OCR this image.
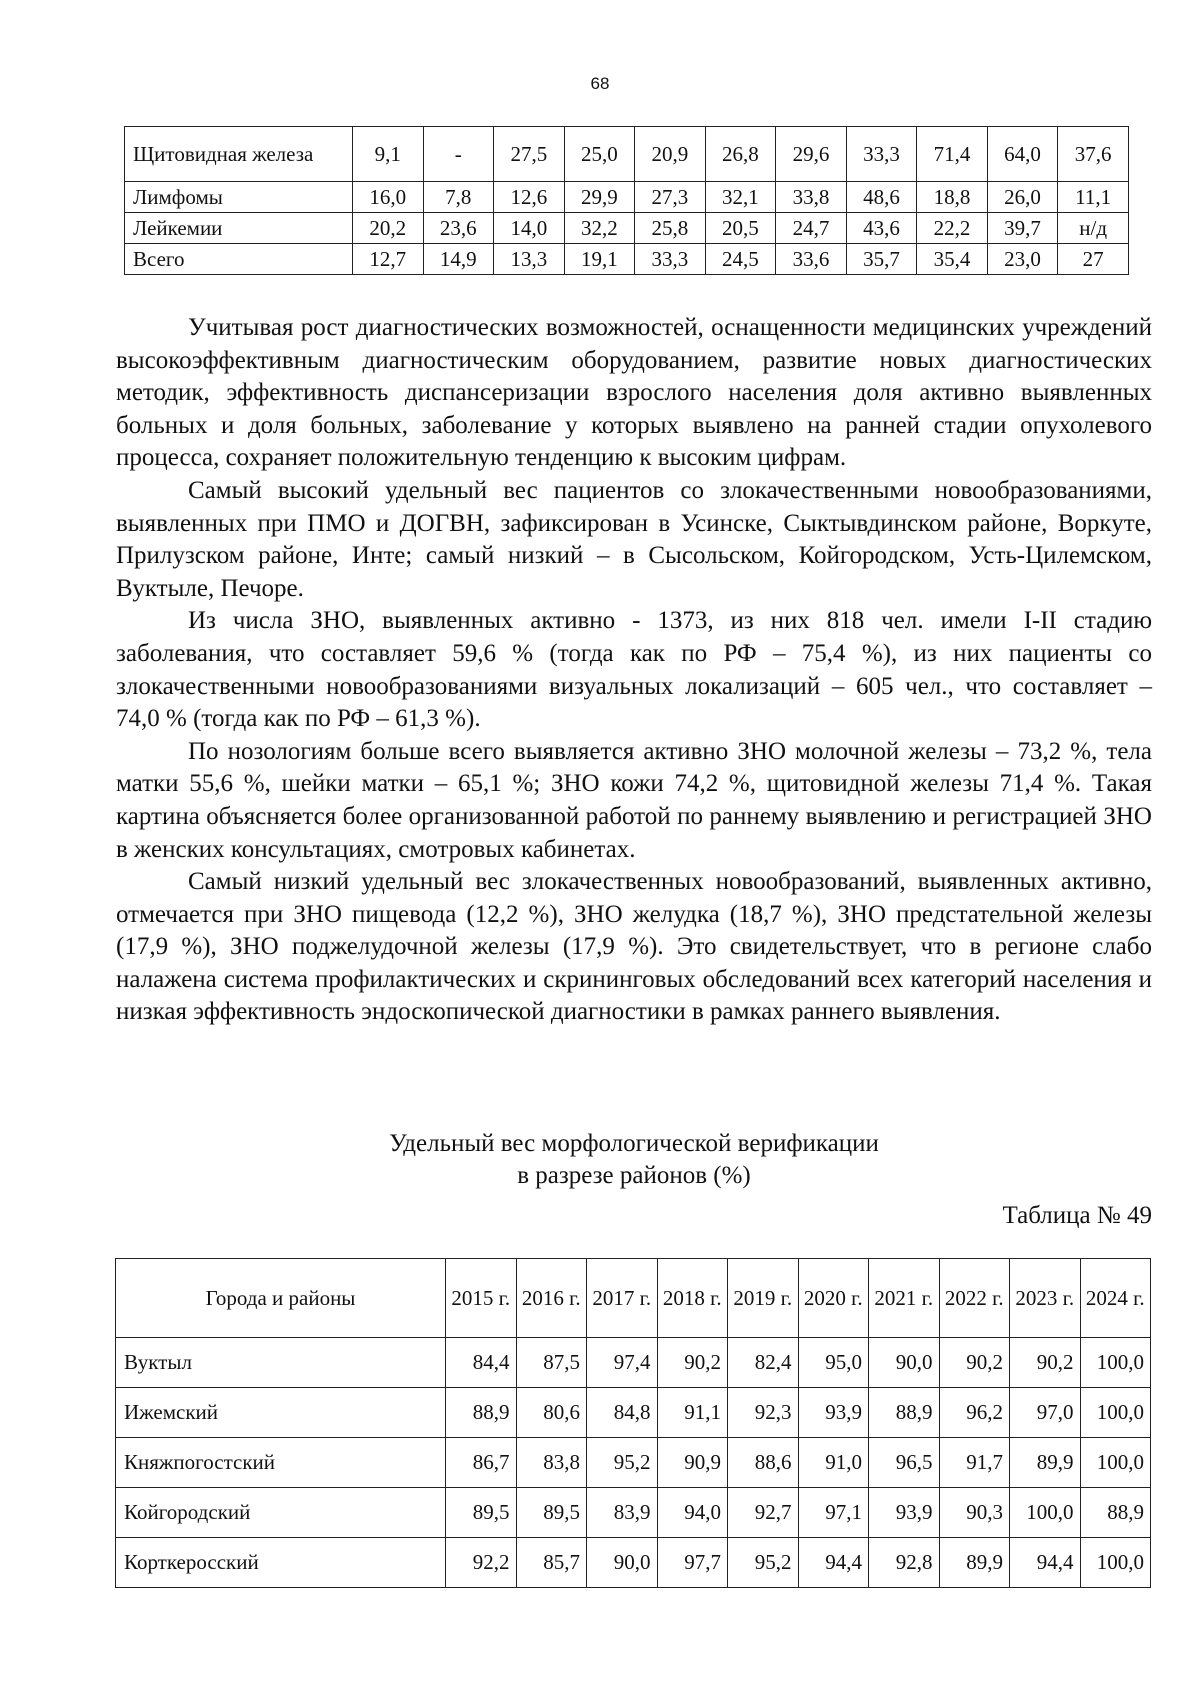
68
Щитовидная железа	9,1	-	27,5	25,0	20,9	26,8	29,6	33,3	71,4	64,0	37,6
Лимфомы	16,0	7,8	12,6	29,9	27,3	32,1	33,8	48,6	18,8	26,0	11,1
Лейкемии	20,2	23,6	14,0	32,2	25,8	20,5	24,7	43,6	22,2	39,7	н/д
Всего	12,7	14,9	13,3	19,1	33,3	24,5	33,6	35,7	35,4	23,0	27

Учитывая рост диагностических возможностей, оснащенности медицинских учреждений высокоэффективным диагностическим оборудованием, развитие новых диагностических методик, эффективность диспансеризации взрослого населения доля активно выявленных больных и доля больных, заболевание у которых выявлено на ранней стадии опухолевого процесса, сохраняет положительную тенденцию к высоким цифрам.

Самый высокий удельный вес пациентов со злокачественными новообразованиями, выявленных при ПМО и ДОГВН, зафиксирован в Усинске, Сыктывдинском районе, Воркуте, Прилузском районе, Инте; самый низкий – в Сысольском, Койгородском, Усть-Цилемском, Вуктыле, Печоре.

Из числа ЗНО, выявленных активно - 1373, из них 818 чел. имели I-II стадию заболевания, что составляет 59,6 % (тогда как по РФ – 75,4 %), из них пациенты со злокачественными новообразованиями визуальных локализаций – 605 чел., что составляет – 74,0 % (тогда как по РФ – 61,3 %).

По нозологиям больше всего выявляется активно ЗНО молочной железы – 73,2 %, тела матки 55,6 %, шейки матки – 65,1 %; ЗНО кожи 74,2 %, щитовидной железы 71,4 %. Такая картина объясняется более организованной работой по раннему выявлению и регистрацией ЗНО в женских консультациях, смотровых кабинетах.

Самый низкий удельный вес злокачественных новообразований, выявленных активно, отмечается при ЗНО пищевода (12,2 %), ЗНО желудка (18,7 %), ЗНО предстательной железы (17,9 %), ЗНО поджелудочной железы (17,9 %). Это свидетельствует, что в регионе слабо налажена система профилактических и скрининговых обследований всех категорий населения и низкая эффективность эндоскопической диагностики в рамках раннего выявления.

Удельный вес морфологической верификации
в разрезе районов (%)
Таблица № 49
Города и районы	2015 г.	2016 г.	2017 г.	2018 г.	2019 г.	2020 г.	2021 г.	2022 г.	2023 г.	2024 г.
Вуктыл	84,4	87,5	97,4	90,2	82,4	95,0	90,0	90,2	90,2	100,0
Ижемский	88,9	80,6	84,8	91,1	92,3	93,9	88,9	96,2	97,0	100,0
Княжпогостский	86,7	83,8	95,2	90,9	88,6	91,0	96,5	91,7	89,9	100,0
Койгородский	89,5	89,5	83,9	94,0	92,7	97,1	93,9	90,3	100,0	88,9
Корткеросский	92,2	85,7	90,0	97,7	95,2	94,4	92,8	89,9	94,4	100,0
